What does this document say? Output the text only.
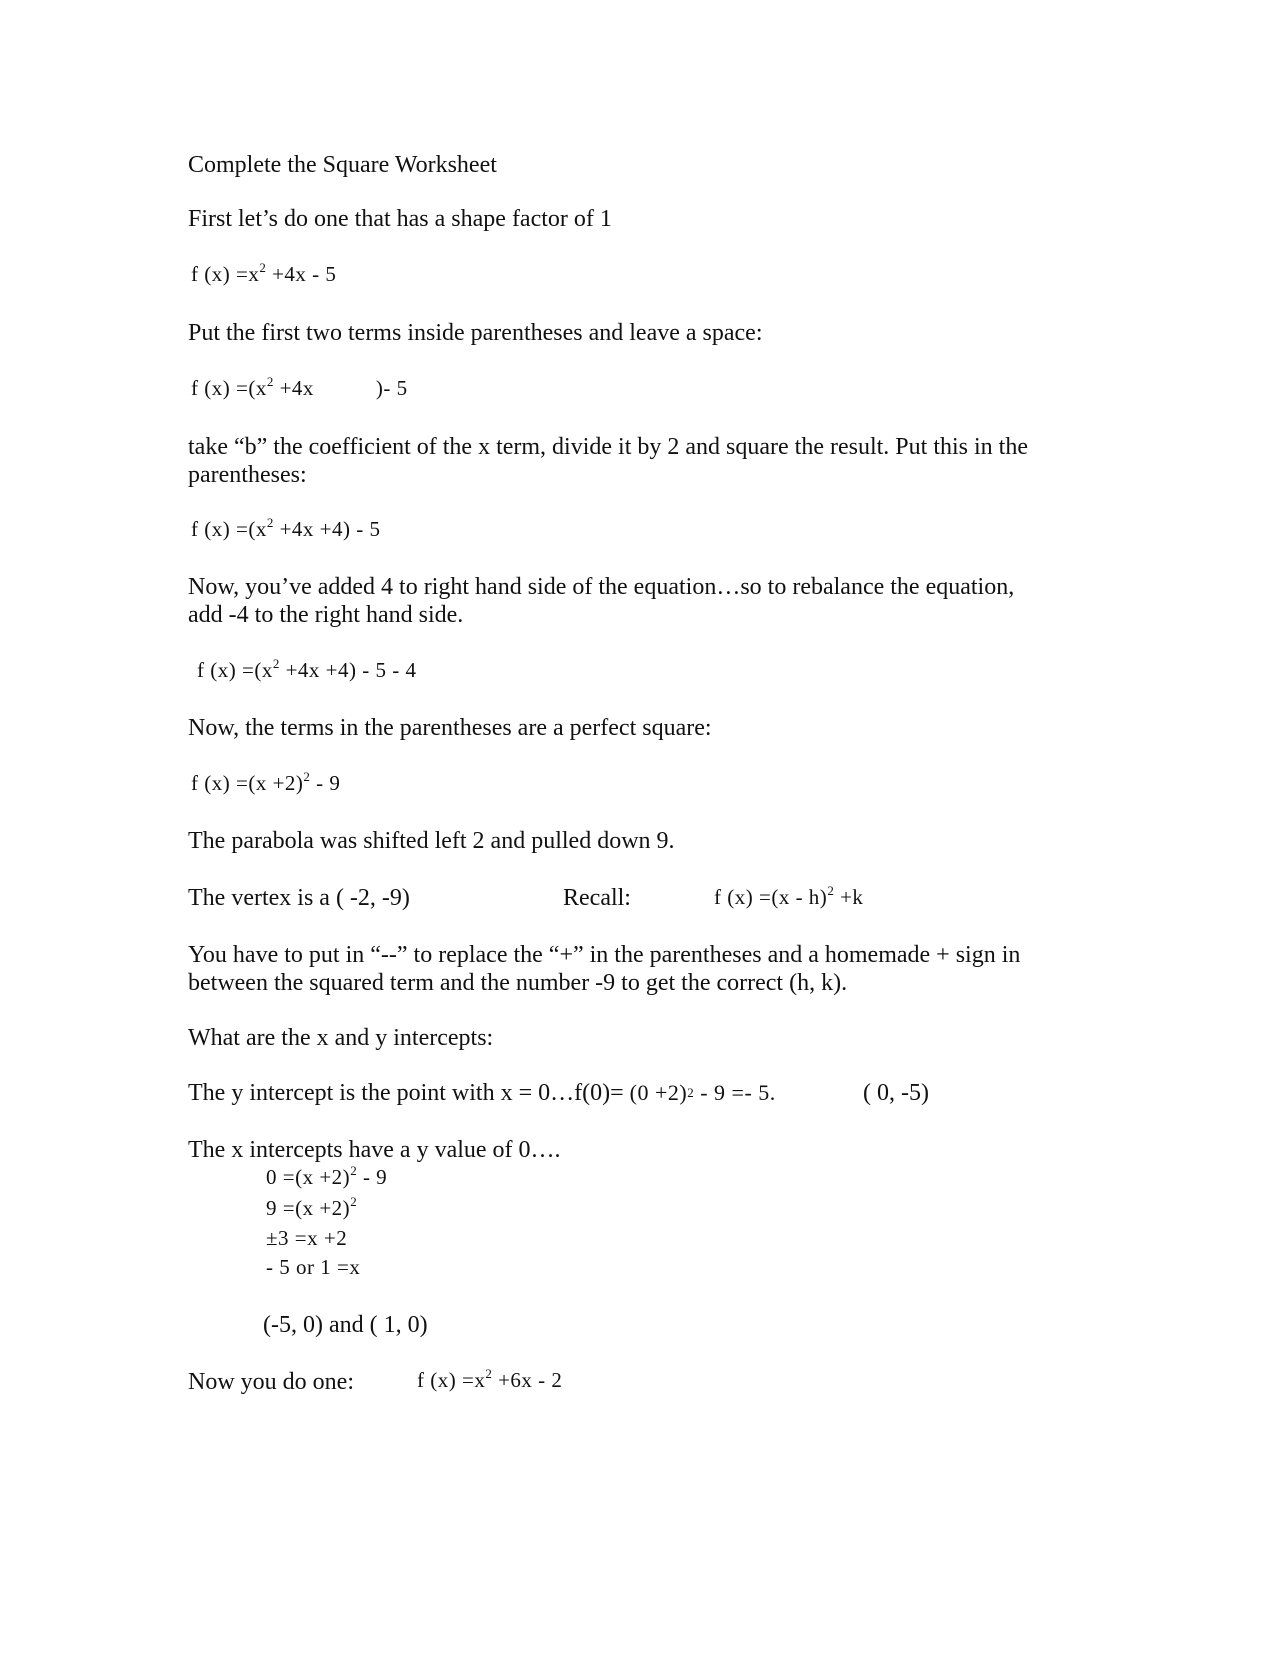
Complete the Square Worksheet

First let’s do one that has a shape factor of 1

f $(x) =x^2 +4x - 5$

Put the first two terms inside parentheses and leave a space:

f $(x) =(x^2 +4x$	)- 5

take “b” the coefficient of the x term, divide it by 2 and square the result. Put this in the

parentheses:

f $(x) =(x^2 +4x +4) - 5$

Now, you’ve added 4 to right hand side of the equation…so to rebalance the equation,

add -4 to the right hand side.

f $(x) =(x^2 +4x +4) - 5 - 4$

Now, the terms in the parentheses are a perfect square:

f $(x) =(x +2)^2 - 9$

The parabola was shifted left 2 and pulled down 9.

The vertex is a ( -2, -9)	Recall:	f (x) =(x - h)$^2$ +k

You have to put in “--” to replace the “+” in the parentheses and a homemade + sign in

between the squared term and the number -9 to get the correct (h, k).

What are the x and y intercepts:

The y intercept is the point with x = 0…f(0)= $(0 +2)^2 - 9 =- 5$.	( 0, -5)

The x intercepts have a y value of 0….

$0 =(x +2)^2 - 9$
$9 =(x +2)^2$
±3 =x +2
- 5 or 1 =x

(-5, 0) and ( 1, 0)

Now you do one:	f $(x) =x^2 +6x - 2$
